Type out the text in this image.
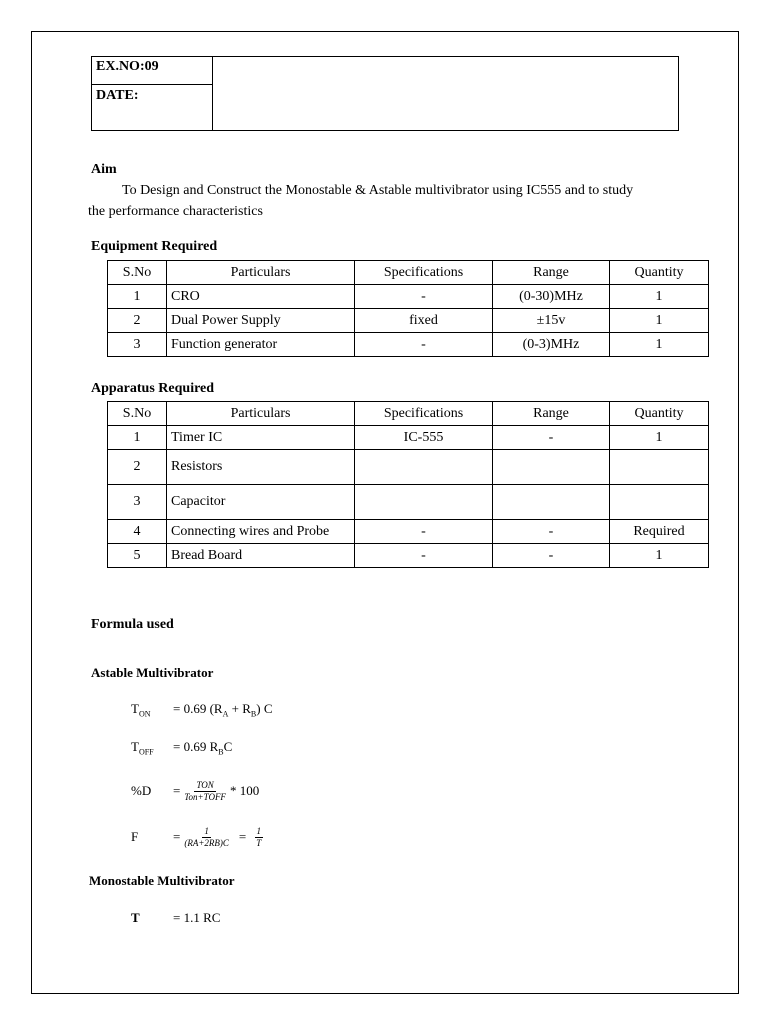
EX.NO:09	
DATE:
Aim
To Design and Construct the Monostable & Astable multivibrator using IC555 and to study
the performance characteristics
Equipment Required
S.No	Particulars	Specifications	Range	Quantity
1	CRO	-	(0-30)MHz	1
2	Dual Power Supply	fixed	±15v	1
3	Function generator	-	(0-3)MHz	1
Apparatus Required
S.No	Particulars	Specifications	Range	Quantity
1	Timer IC	IC-555	-	1
2	Resistors			
3	Capacitor			
4	Connecting wires and Probe	-	-	Required
5	Bread Board	-	-	1
Formula used
Astable Multivibrator
$T_{ON}$	= 0.69 $(R_A + R_B)$ C
$T_{OFF}$	= 0.69 $R_BC$
%D	= $\frac{\text{TON}}{\text{Ton+TOFF}} * 100$
F	= $\frac{1}{(RA+2RB)C} = \frac{1}{T}$
Monostable Multivibrator
T	= 1.1 RC
